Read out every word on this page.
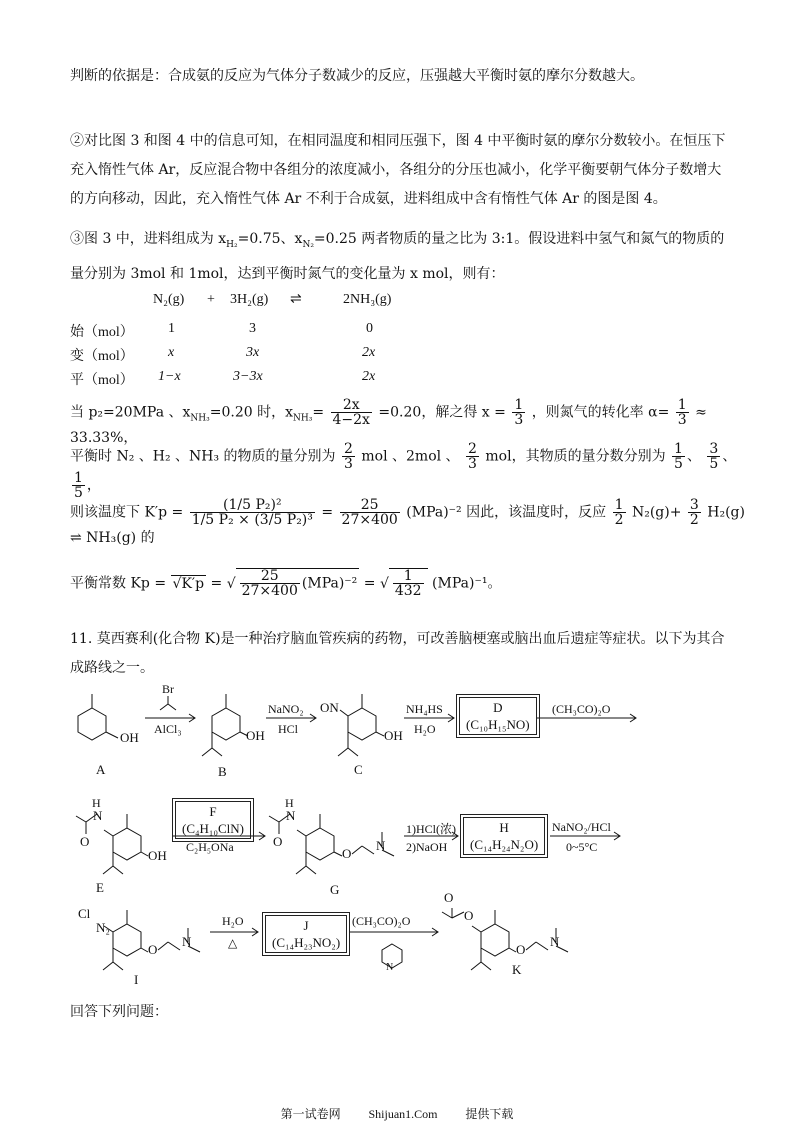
判断的依据是：合成氨的反应为气体分子数减少的反应，压强越大平衡时氨的摩尔分数越大。
②对比图 3 和图 4 中的信息可知，在相同温度和相同压强下，图 4 中平衡时氨的摩尔分数较小。在恒压下充入惰性气体 Ar，反应混合物中各组分的浓度减小，各组分的分压也减小，化学平衡要朝气体分子数增大的方向移动，因此，充入惰性气体 Ar 不利于合成氨，进料组成中含有惰性气体 Ar 的图是图 4。
③图 3 中，进料组成为 $x_{H_2}=0.75$、$x_{N_2}=0.25$ 两者物质的量之比为 3:1。假设进料中氢气和氮气的物质的量分别为 3mol 和 1mol，达到平衡时氮气的变化量为 x mol，则有：
N₂(g) + 3H₂(g) ⇌	2NH₃(g)
始（mol） 1	3	0
变（mol） x	3x	2x
平（mol） 1−x	3−3x	2x
当 p₂=20MPa 、$x_{NH_3}=0.20$ 时，$x_{NH_3}= \frac{2x}{4-2x} =0.20$，解之得 $x = \frac{1}{3}$ ，则氮气的转化率 $\alpha= \frac{1}{3} \approx 33.33\%$，
平衡时 N₂ 、H₂ 、NH₃ 的物质的量分别为 $\frac{2}{3}$ mol 、2mol 、 $\frac{2}{3}$ mol，其物质的量分数分别为 $\frac{1}{5}$ 、 $\frac{3}{5}$ 、
$\frac{1}{5}$ ，
则该温度下 $K'p = \frac{\text{(1/5 P₂)²}}{\text{1/5 P₂ × (3/5 P₂)³}} = \frac{25}{27\times 400} (MPa)^{-2}$ 因此，该温度时，反应 $\frac{1}{2} N_2(g)+ \frac{3}{2} H_2(g)$ ⇌ NH₃(g) 的
平衡常数 Kp = √K′p = √ $\frac{25}{27\times 400} (MPa)^{-2}$ = √ $\frac{1}{432} (MPa)^{-1}$。
11. 莫西赛利(化合物 K)是一种治疗脑血管疾病的药物，可改善脑梗塞或脑出血后遗症等症状。以下为其合成路线之一。
OH
Br
AlCl₃	OH
NaNO₂
HCl
ON
OH
NH₄HS
H₂O
D
(C₁₀H₁₅NO)
(CH₃CO)₂O
A	B	C
H
N
O
OH
E
F
(C₄H₁₀ClN)
C₂H₅ONa
H
N
O
O
N
G
1)HCl(浓)
2)NaOH
H
(C₁₄H₂₄N₂O)
NaNO₂/HCl
0~5°C
Cl
N₂
O
N
I
H₂O
△
J
(C₁₄H₂₃NO₂)
(CH₃CO)₂O
N
O
O
O
N
K
回答下列问题：
第一试卷网 Shijuan1.Com 提供下载
